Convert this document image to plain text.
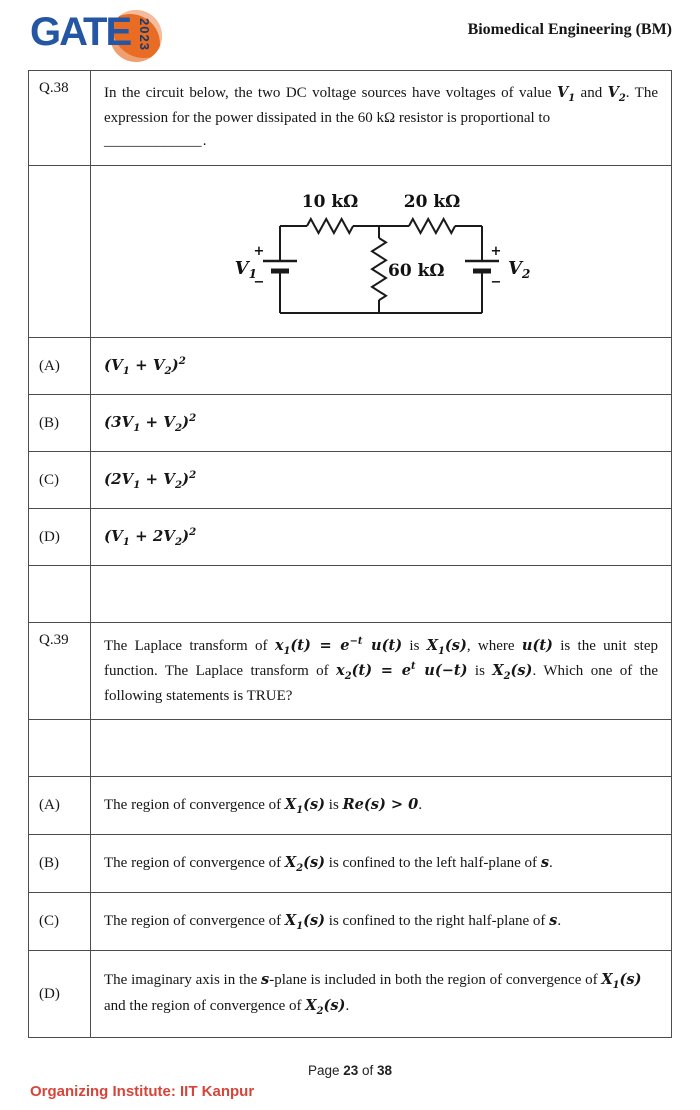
GATE 2023	Biomedical Engineering (BM)
Q.38	In the circuit below, the two DC voltage sources have voltages of value $V_1$ and $V_2$. The expression for the power dissipated in the 60 kΩ resistor is proportional to
_____________ .

10 kΩ	20 kΩ
60 kΩ
$V_1$	$V_2$
+
−
+
−

(A)	$(V_1 + V_2)^2$
(B)	$(3V_1 + V_2)^2$
(C)	$(2V_1 + V_2)^2$
(D)	$(V_1 + 2V_2)^2$

Q.39	The Laplace transform of $x_1(t) = e^{-t}$ u(t) is $X_1(s)$, where u(t) is the unit step function. The Laplace transform of $x_2(t) = e^t$ u(−t) is $X_2(s)$. Which one of the following statements is TRUE?

(A)	The region of convergence of $X_1(s)$ is Re(s) > 0.
(B)	The region of convergence of $X_2(s)$ is confined to the left half-plane of s.
(C)	The region of convergence of $X_1(s)$ is confined to the right half-plane of s.
(D)	The imaginary axis in the s-plane is included in both the region of convergence of $X_1(s)$ and the region of convergence of $X_2(s)$.
Page 23 of 38
Organizing Institute: IIT Kanpur
